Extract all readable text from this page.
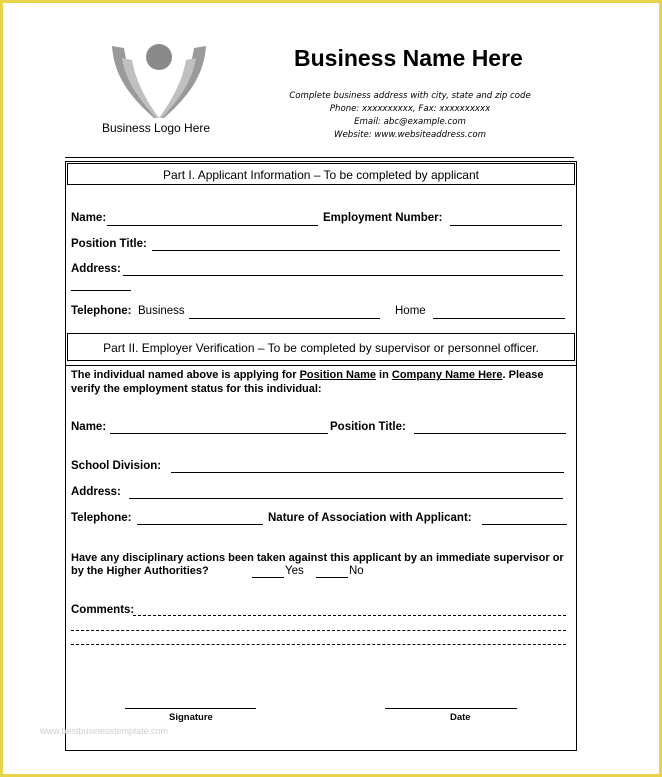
Business Logo Here
Business Name Here
Complete business address with city, state and zip code
Phone: xxxxxxxxxx, Fax: xxxxxxxxxx
Email: abc@example.com
Website: www.websiteaddress.com
Part I. Applicant Information – To be completed by applicant
Name:	Employment Number:
Position Title:
Address:
Telephone: Business	Home
Part II. Employer Verification – To be completed by supervisor or personnel officer.
The individual named above is applying for Position Name in Company Name Here. Please
verify the employment status for this individual:
Name:	Position Title:
School Division:
Address:
Telephone:	Nature of Association with Applicant:
Have any disciplinary actions been taken against this applicant by an immediate supervisor or
by the Higher Authorities?	Yes	No
Comments:
Signature	Date
www.bestbusinesstemplate.com
